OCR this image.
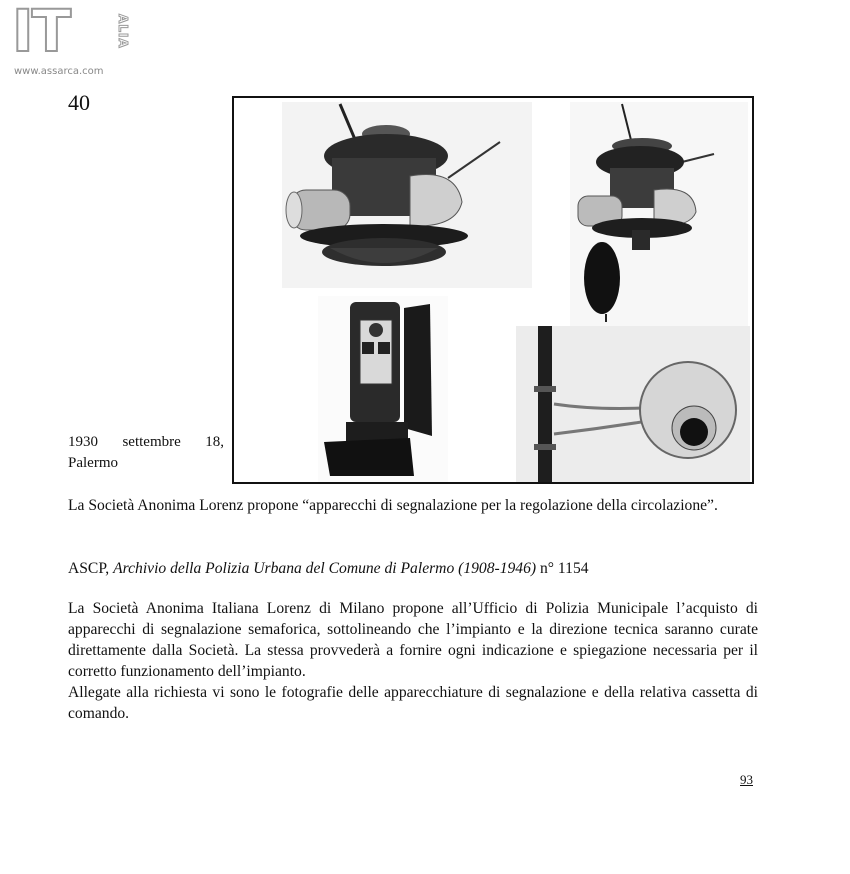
IT	ALIA
www.assarca.com
40
1930 settembre 18,
Palermo
La Società Anonima Lorenz propone “apparecchi di segnalazione per la regolazione della circolazione”.
ASCP, Archivio della Polizia Urbana del Comune di Palermo (1908-1946) n° 1154
La Società Anonima Italiana Lorenz di Milano propone all’Ufficio di Polizia Municipale l’acquisto di apparecchi di segnalazione semaforica, sottolineando che l’impianto e la direzione tecnica saranno curate direttamente dalla Società. La stessa provvederà a fornire ogni indicazione e spiegazione necessaria per il corretto funzionamento dell’impianto.
Allegate alla richiesta vi sono le fotografie delle apparecchiature di segnalazione e della relativa cassetta di comando.
93
